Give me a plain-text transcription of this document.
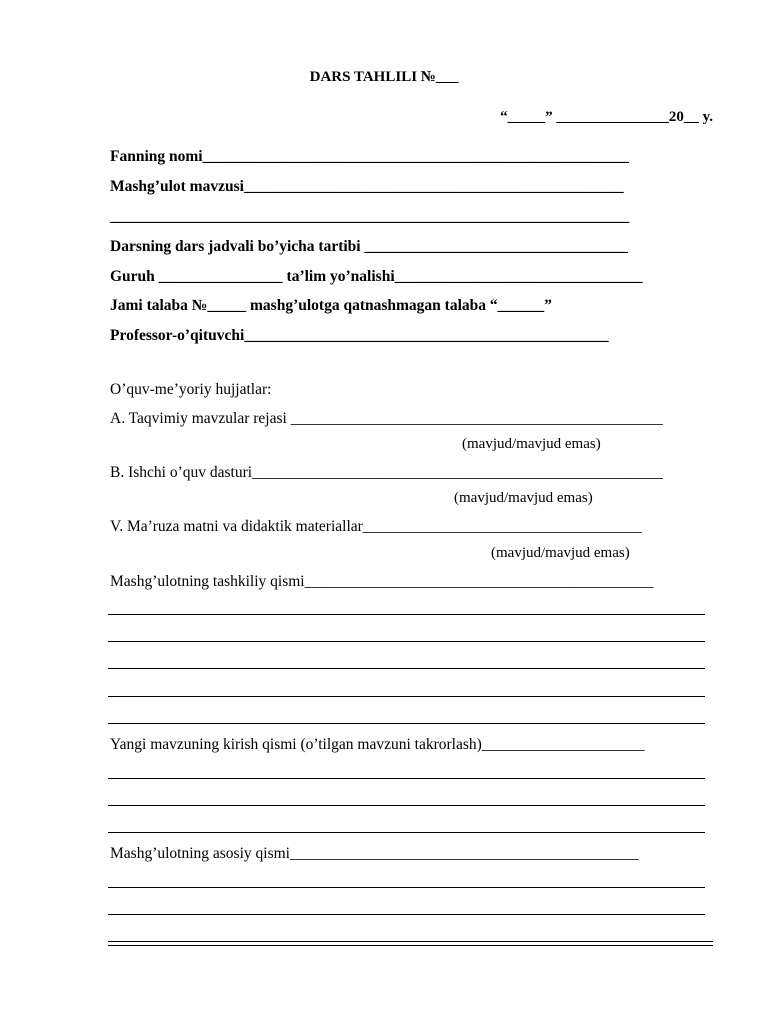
DARS TAHLILI №___
“_____” _______________20__ y.
Fanning nomi_______________________________________________________
Mashg’ulot mavzusi_________________________________________________
___________________________________________________________________
Darsning dars jadvali bo’yicha tartibi __________________________________
Guruh ________________ ta’lim yo’nalishi________________________________
Jami talaba №_____ mashg’ulotga qatnashmagan talaba “______”
Professor-o’qituvchi_______________________________________________
O’quv-me’yoriy hujjatlar:
A. Taqvimiy mavzular rejasi ________________________________________________
(mavjud/mavjud emas)
B. Ishchi o’quv dasturi_____________________________________________________
(mavjud/mavjud emas)
V. Ma’ruza matni va didaktik materiallar____________________________________
(mavjud/mavjud emas)
Mashg’ulotning tashkiliy qismi_____________________________________________
Yangi mavzuning kirish qismi (o’tilgan mavzuni takrorlash)_____________________
Mashg’ulotning asosiy qismi_____________________________________________
